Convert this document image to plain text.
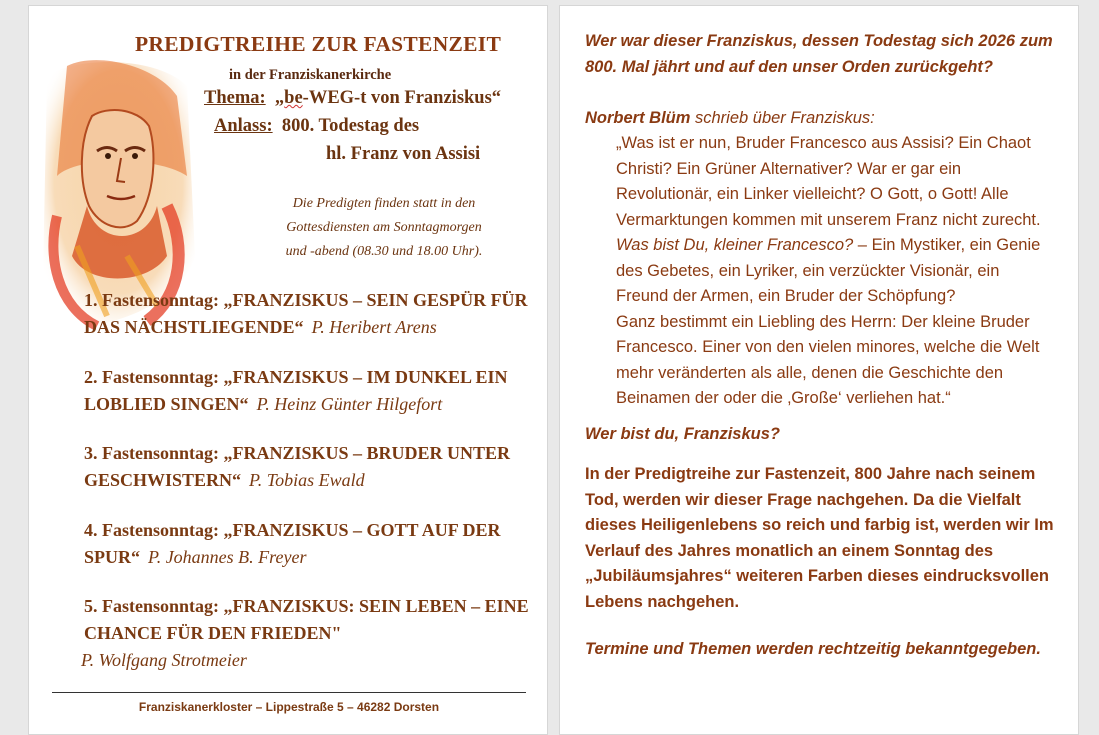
PREDIGTREIHE ZUR FASTENZEIT
in der Franziskanerkirche
Thema: „be-WEG-t von Franziskus“
Anlass: 800. Todestag des
hl. Franz von Assisi
Die Predigten finden statt in den
Gottesdiensten am Sonntagmorgen
und -abend (08.30 und 18.00 Uhr).
1. Fastensonntag: „FRANZISKUS – SEIN GESPÜR FÜR DAS NÄCHSTLIEGENDE“ P. Heribert Arens
2. Fastensonntag: „FRANZISKUS – IM DUNKEL EIN LOBLIED SINGEN“ P. Heinz Günter Hilgefort
3. Fastensonntag: „FRANZISKUS – BRUDER UNTER GESCHWISTERN“ P. Tobias Ewald
4. Fastensonntag: „FRANZISKUS – GOTT AUF DER SPUR“ P. Johannes B. Freyer
5. Fastensonntag: „FRANZISKUS: SEIN LEBEN – EINE CHANCE FÜR DEN FRIEDEN"
P. Wolfgang Strotmeier
Franziskanerkloster – Lippestraße 5 – 46282 Dorsten
Wer war dieser Franziskus, dessen Todestag sich 2026 zum 800. Mal jährt und auf den unser Orden zurückgeht?
Norbert Blüm schrieb über Franziskus:
„Was ist er nun, Bruder Francesco aus Assisi? Ein Chaot Christi? Ein Grüner Alternativer? War er gar ein Revolutionär, ein Linker vielleicht? O Gott, o Gott! Alle Vermarktungen kommen mit unserem Franz nicht zurecht. Was bist Du, kleiner Francesco? – Ein Mystiker, ein Genie des Gebetes, ein Lyriker, ein verzückter Visionär, ein Freund der Armen, ein Bruder der Schöpfung?
Ganz bestimmt ein Liebling des Herrn: Der kleine Bruder Francesco. Einer von den vielen minores, welche die Welt mehr veränderten als alle, denen die Geschichte den Beinamen der oder die ‚Große‘ verliehen hat.“
Wer bist du, Franziskus?
In der Predigtreihe zur Fastenzeit, 800 Jahre nach seinem Tod, werden wir dieser Frage nachgehen. Da die Vielfalt dieses Heiligenlebens so reich und farbig ist, werden wir Im Verlauf des Jahres monatlich an einem Sonntag des „Jubiläumsjahres“ weiteren Farben dieses eindrucksvollen Lebens nachgehen.
Termine und Themen werden rechtzeitig bekanntgegeben.
